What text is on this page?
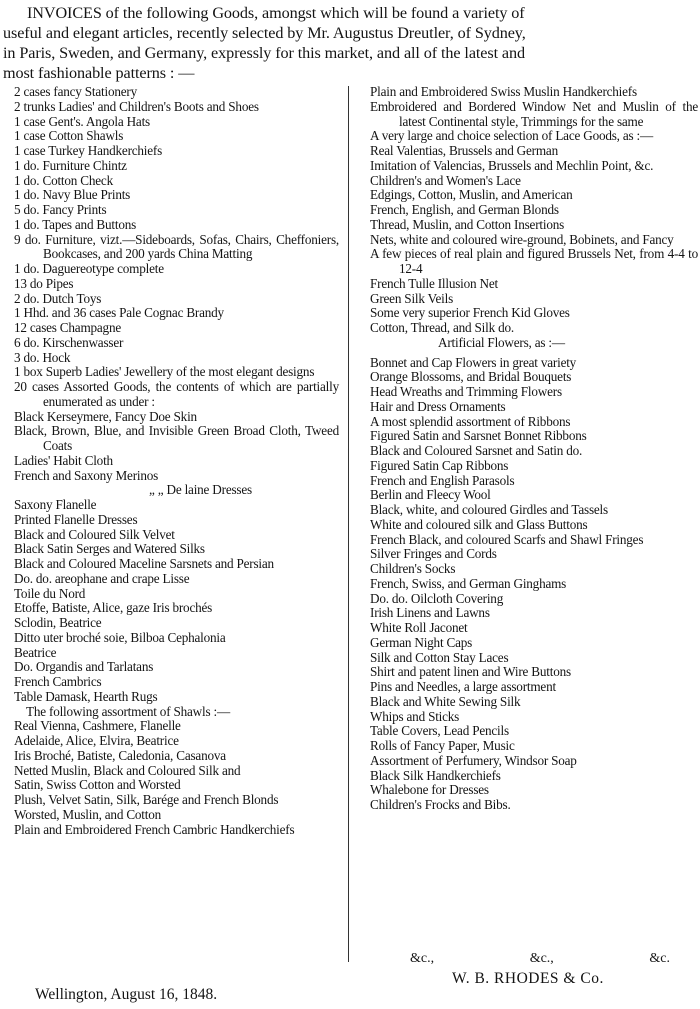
INVOICES of the following Goods, amongst which will be found a variety of
useful and elegant articles, recently selected by Mr. Augustus Dreutler, of Sydney,
in Paris, Sweden, and Germany, expressly for this market, and all of the latest and
most fashionable patterns : —
2 cases fancy Stationery
2 trunks Ladies' and Children's Boots and Shoes
1 case Gent's. Angola Hats
1 case Cotton Shawls
1 case Turkey Handkerchiefs
1 do. Furniture Chintz
1 do. Cotton Check
1 do. Navy Blue Prints
5 do. Fancy Prints
1 do. Tapes and Buttons
9 do. Furniture, vizt.—Sideboards, Sofas, Chairs, Cheffoniers, Bookcases, and 200 yards China Matting
1 do. Daguereotype complete
13 do Pipes
2 do. Dutch Toys
1 Hhd. and 36 cases Pale Cognac Brandy
12 cases Champagne
6 do. Kirschenwasser
3 do. Hock
1 box Superb Ladies' Jewellery of the most elegant designs
20 cases Assorted Goods, the contents of which are partially enumerated as under :
Black Kerseymere, Fancy Doe Skin
Black, Brown, Blue, and Invisible Green Broad Cloth, Tweed Coats
Ladies' Habit Cloth
French and Saxony Merinos
„ „ De laine Dresses
Saxony Flanelle
Printed Flanelle Dresses
Black and Coloured Silk Velvet
Black Satin Serges and Watered Silks
Black and Coloured Maceline Sarsnets and Persian
Do. do. areophane and crape Lisse
Toile du Nord
Etoffe, Batiste, Alice, gaze Iris brochés
Sclodin, Beatrice
Ditto uter broché soie, Bilboa Cephalonia
Beatrice
Do. Organdis and Tarlatans
French Cambrics
Table Damask, Hearth Rugs
The following assortment of Shawls :—
Real Vienna, Cashmere, Flanelle
Adelaide, Alice, Elvira, Beatrice
Iris Broché, Batiste, Caledonia, Casanova
Netted Muslin, Black and Coloured Silk and
Satin, Swiss Cotton and Worsted
Plush, Velvet Satin, Silk, Barége and French Blonds
Worsted, Muslin, and Cotton
Plain and Embroidered French Cambric Handkerchiefs
Plain and Embroidered Swiss Muslin Handkerchiefs
Embroidered and Bordered Window Net and Muslin of the latest Continental style, Trimmings for the same
A very large and choice selection of Lace Goods, as :—
Real Valentias, Brussels and German
Imitation of Valencias, Brussels and Mechlin Point, &c.
Children's and Women's Lace
Edgings, Cotton, Muslin, and American
French, English, and German Blonds
Thread, Muslin, and Cotton Insertions
Nets, white and coloured wire-ground, Bobinets, and Fancy
A few pieces of real plain and figured Brussels Net, from 4-4 to 12-4
French Tulle Illusion Net
Green Silk Veils
Some very superior French Kid Gloves
Cotton, Thread, and Silk do.
Artificial Flowers, as :—
Bonnet and Cap Flowers in great variety
Orange Blossoms, and Bridal Bouquets
Head Wreaths and Trimming Flowers
Hair and Dress Ornaments
A most splendid assortment of Ribbons
Figured Satin and Sarsnet Bonnet Ribbons
Black and Coloured Sarsnet and Satin do.
Figured Satin Cap Ribbons
French and English Parasols
Berlin and Fleecy Wool
Black, white, and coloured Girdles and Tassels
White and coloured silk and Glass Buttons
French Black, and coloured Scarfs and Shawl Fringes
Silver Fringes and Cords
Children's Socks
French, Swiss, and German Ginghams
Do. do. Oilcloth Covering
Irish Linens and Lawns
White Roll Jaconet
German Night Caps
Silk and Cotton Stay Laces
Shirt and patent linen and Wire Buttons
Pins and Needles, a large assortment
Black and White Sewing Silk
Whips and Sticks
Table Covers, Lead Pencils
Rolls of Fancy Paper, Music
Assortment of Perfumery, Windsor Soap
Black Silk Handkerchiefs
Whalebone for Dresses
Children's Frocks and Bibs.
&c.,	&c.,	&c.
W. B. RHODES & Co.
Wellington, August 16, 1848.
